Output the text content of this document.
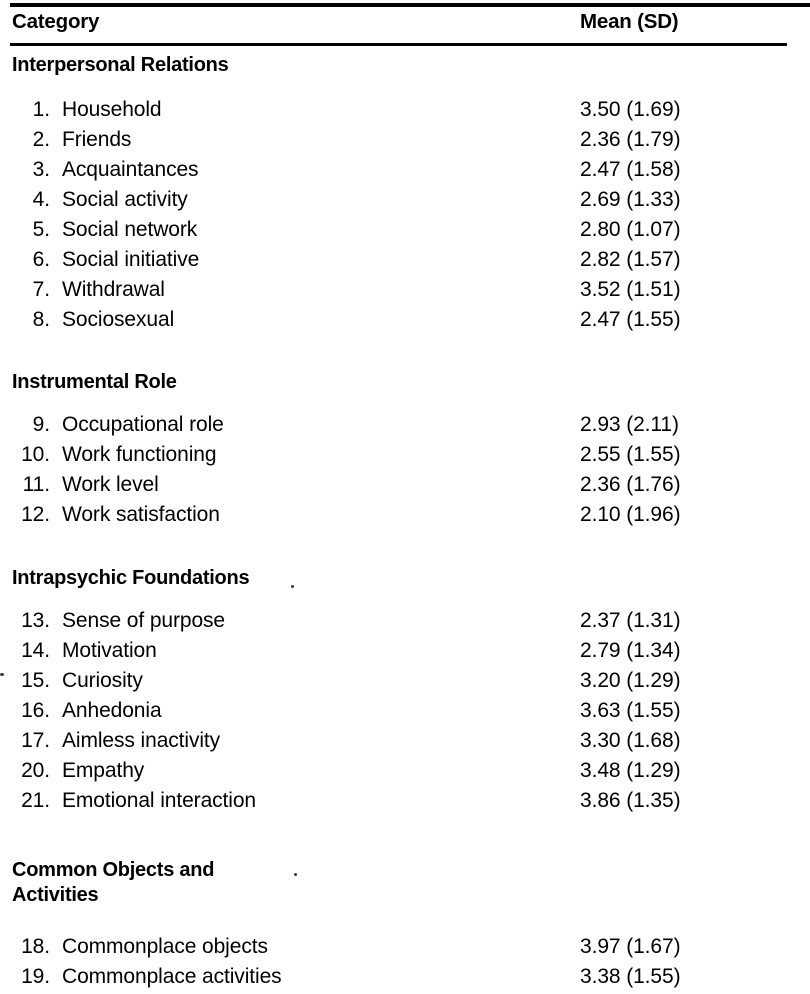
Category	Mean (SD)
Interpersonal Relations
1. Household	3.50 (1.69)
2. Friends	2.36 (1.79)
3. Acquaintances	2.47 (1.58)
4. Social activity	2.69 (1.33)
5. Social network	2.80 (1.07)
6. Social initiative	2.82 (1.57)
7. Withdrawal	3.52 (1.51)
8. Sociosexual	2.47 (1.55)
Instrumental Role
9. Occupational role	2.93 (2.11)
10. Work functioning	2.55 (1.55)
11. Work level	2.36 (1.76)
12. Work satisfaction	2.10 (1.96)
Intrapsychic Foundations
13. Sense of purpose	2.37 (1.31)
14. Motivation	2.79 (1.34)
15. Curiosity	3.20 (1.29)
16. Anhedonia	3.63 (1.55)
17. Aimless inactivity	3.30 (1.68)
20. Empathy	3.48 (1.29)
21. Emotional interaction	3.86 (1.35)
Common Objects and Activities
18. Commonplace objects	3.97 (1.67)
19. Commonplace activities	3.38 (1.55)
